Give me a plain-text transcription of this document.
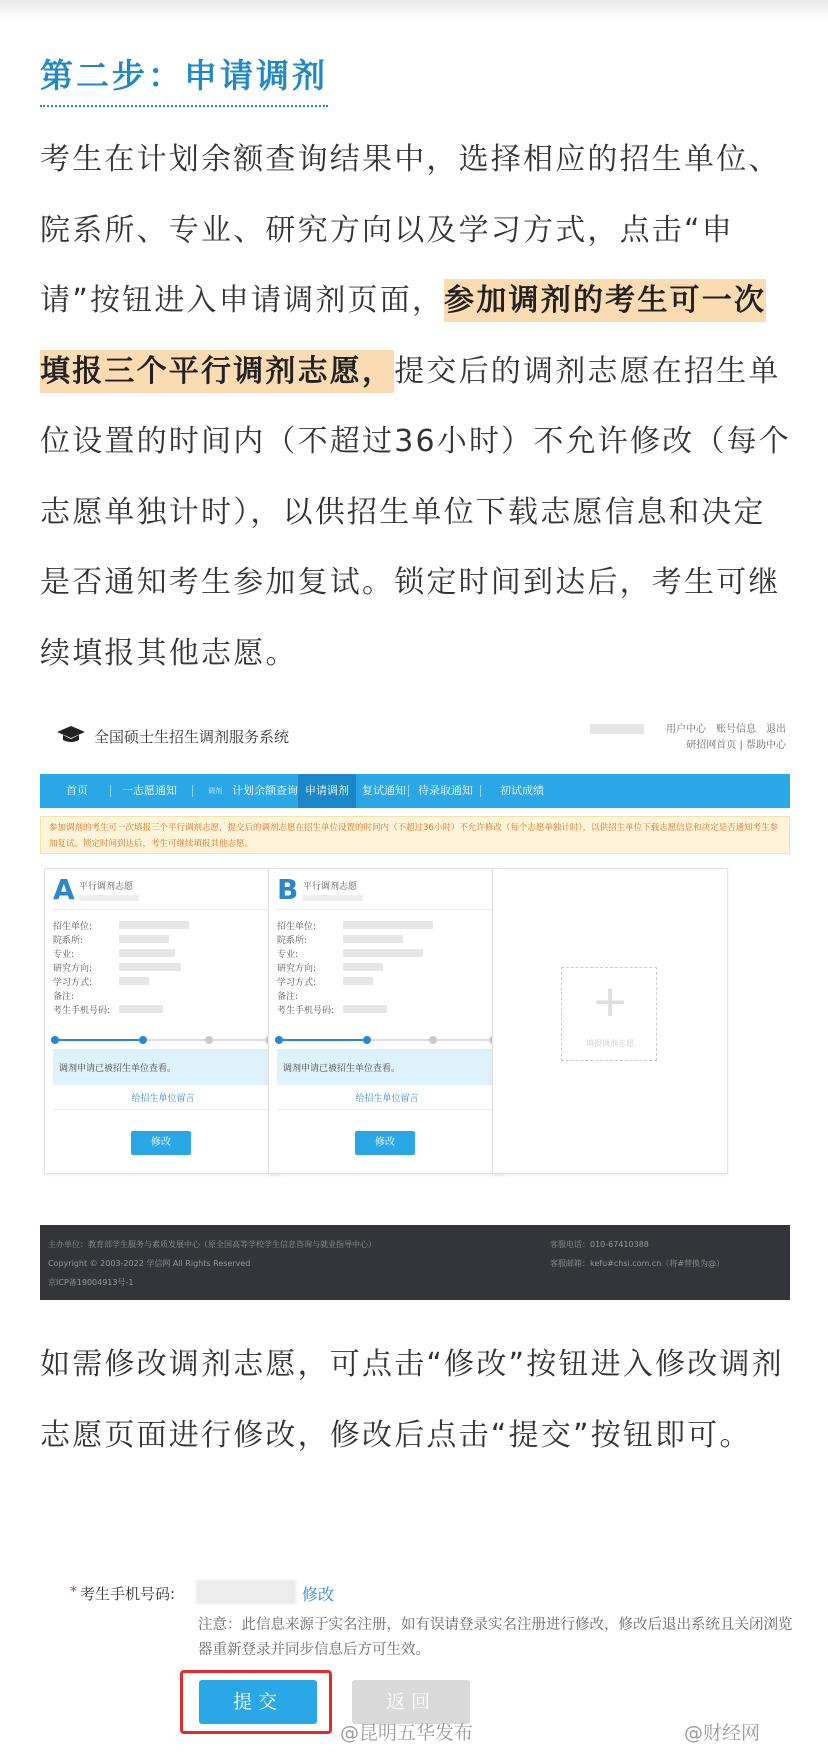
第二步：申请调剂
考生在计划余额查询结果中，选择相应的招生单位、院系所、专业、研究方向以及学习方式，点击“申请”按钮进入申请调剂页面，参加调剂的考生可一次填报三个平行调剂志愿，提交后的调剂志愿在招生单位设置的时间内（不超过36小时）不允许修改（每个志愿单独计时），以供招生单位下载志愿信息和决定是否通知考生参加复试。锁定时间到达后，考生可继续填报其他志愿。
全国硕士生招生调剂服务系统	用户中心 账号信息 退出
研招网首页 | 帮助中心
首页	一志愿通知	调剂 计划余额查询 申请调剂	复试通知 待录取通知 初试成绩
参加调剂的考生可一次填报三个平行调剂志愿，提交后的调剂志愿在招生单位设置的时间内（不超过36小时）不允许修改（每个志愿单独计时），以供招生单位下载志愿信息和决定是否通知考生参加复试。锁定时间到达后，考生可继续填报其他志愿。
A 平行调剂志愿
招生单位:
院系所:
专业:
研究方向:
学习方式:
备注:
考生手机号码:
调剂申请已被招生单位查看。
给招生单位留言
修改
B 平行调剂志愿
招生单位:
院系所:
专业:
研究方向:
学习方式:
备注:
考生手机号码:
调剂申请已被招生单位查看。
给招生单位留言
修改
+
填报调剂志愿
主办单位：教育部学生服务与素质发展中心（原全国高等学校学生信息咨询与就业指导中心）
Copyright © 2003-2022 学信网 All Rights Reserved
京ICP备19004913号-1
客服电话：010-67410388
客服邮箱：kefu#chsi.com.cn（将#替换为@）
如需修改调剂志愿，可点击“修改”按钮进入修改调剂志愿页面进行修改，修改后点击“提交”按钮即可。
* 考生手机号码:	修改
注意：此信息来源于实名注册，如有误请登录实名注册进行修改，修改后退出系统且关闭浏览器重新登录并同步信息后方可生效。
提交	返回
@昆明五华发布	@财经网
